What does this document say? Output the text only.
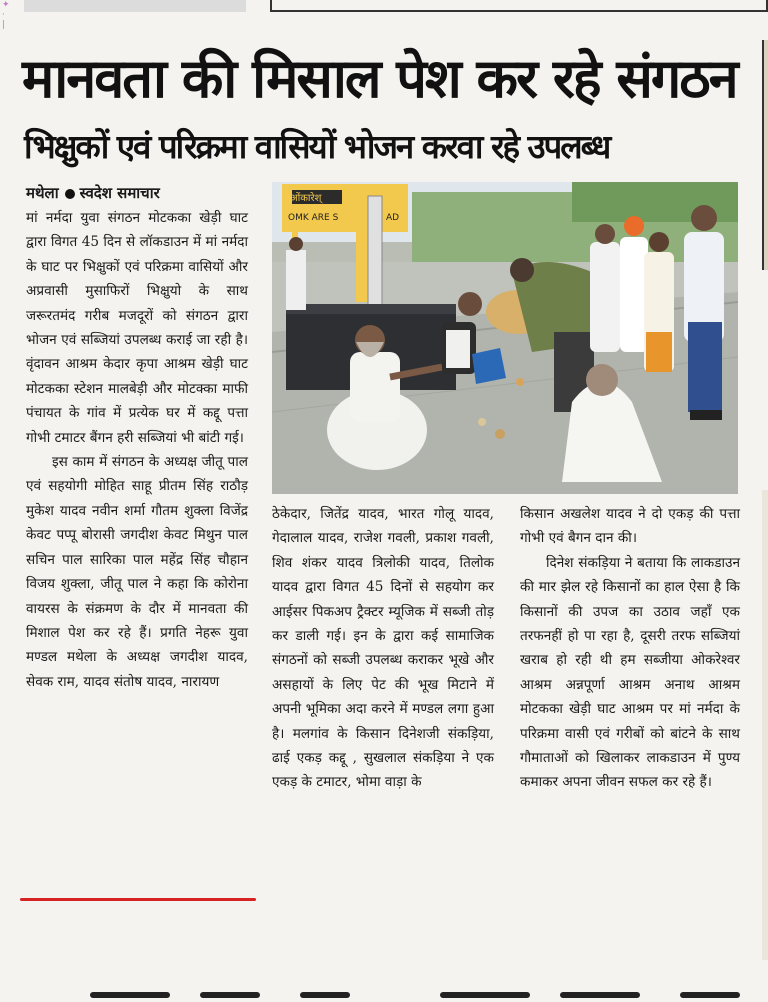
✦
·
|
मानवता की मिसाल पेश कर रहे संगठन
भिक्षुकों एवं परिक्रमा वासियों भोजन करवा रहे उपलब्ध
मथेला स्वदेश समाचार

मां नर्मदा युवा संगठन मोटकका खेड़ी घाट द्वारा विगत 45 दिन से लॉकडाउन में मां नर्मदा के घाट पर भिक्षुकों एवं परिक्रमा वासियों और अप्रवासी मुसाफिरों भिक्षुयो के साथ जरूरतमंद गरीब मजदूरों को संगठन द्वारा भोजन एवं सब्जियां उपलब्ध कराई जा रही है। वृंदावन आश्रम केदार कृपा आश्रम खेड़ी घाट मोटकका स्टेशन मालबेड़ी और मोटक्का माफी पंचायत के गांव में प्रत्येक घर में कद्दू पत्ता गोभी टमाटर बैंगन हरी सब्जियां भी बांटी गई।

इस काम में संगठन के अध्यक्ष जीतू पाल एवं सहयोगी मोहित साहू प्रीतम सिंह राठौड़ मुकेश यादव नवीन शर्मा गौतम शुक्ला विजेंद्र केवट पप्पू बोरासी जगदीश केवट मिथुन पाल सचिन पाल सारिका पाल महेंद्र सिंह चौहान विजय शुक्ला, जीतू पाल ने कहा कि कोरोना वायरस के संक्रमण के दौर में मानवता की मिशाल पेश कर रहे हैं। प्रगति नेहरू युवा मण्डल मथेला के अध्यक्ष जगदीश यादव, सेवक राम, यादव संतोष यादव, नारायण

ओंकारेश्
OMK ARE S	AD

ठेकेदार, जितेंद्र यादव, भारत गोलू यादव, गेदालाल यादव, राजेश गवली, प्रकाश गवली, शिव शंकर यादव त्रिलोकी यादव, तिलोक यादव द्वारा विगत 45 दिनों से सहयोग कर आईसर पिकअप ट्रैक्टर म्यूजिक में सब्जी तोड़ कर डाली गई। इन के द्वारा कई सामाजिक संगठनों को सब्जी उपलब्ध कराकर भूखे और असहायों के लिए पेट की भूख मिटाने में अपनी भूमिका अदा करने में मण्डल लगा हुआ है। मलगांव के किसान दिनेशजी संकड़िया, ढाई एकड़ कद्दू , सुखलाल संकड़िया ने एक एकड़ के टमाटर, भोमा वाड़ा के

किसान अखलेश यादव ने दो एकड़ की पत्ता गोभी एवं बैगन दान की।

दिनेश संकड़िया ने बताया कि लाकडाउन की मार झेल रहे किसानों का हाल ऐसा है कि किसानों की उपज का उठाव जहाँ एक तरफनहीं हो पा रहा है, दूसरी तरफ सब्जियां खराब हो रही थी हम सब्जीया ओकरेश्वर आश्रम अन्नपूर्णा आश्रम अनाथ आश्रम मोटकका खेड़ी घाट आश्रम पर मां नर्मदा के परिक्रमा वासी एवं गरीबों को बांटने के साथ गौमाताओं को खिलाकर लाकडाउन में पुण्य कमाकर अपना जीवन सफल कर रहे हैं।
